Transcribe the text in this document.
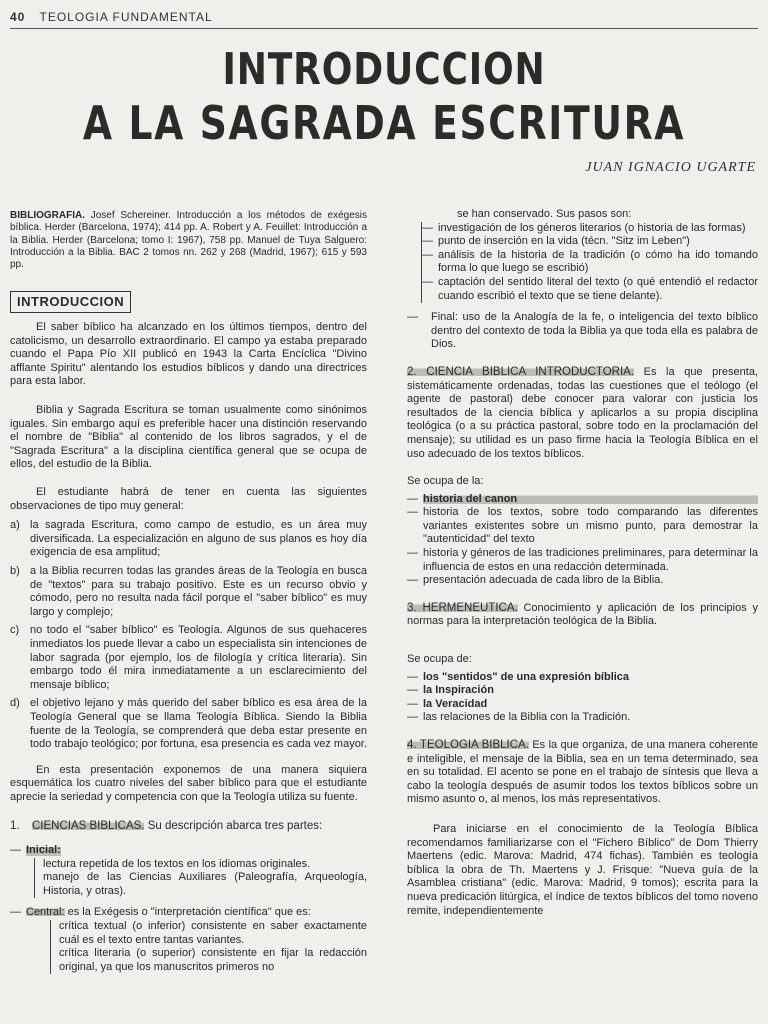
40 TEOLOGIA FUNDAMENTAL
INTRODUCCION
A LA SAGRADA ESCRITURA
JUAN IGNACIO UGARTE

BIBLIOGRAFIA. Josef Schereiner. Introducción a los métodos de exégesis bíblica. Herder (Barcelona, 1974); 414 pp. A. Robert y A. Feuillet: Introducción a la Biblia. Herder (Barcelona; tomo I: 1967), 758 pp. Manuel de Tuya Salguero: Introducción a la Biblia. BAC 2 tomos nn. 262 y 268 (Madrid, 1967); 615 y 593 pp.

INTRODUCCION

El saber bíblico ha alcanzado en los últimos tiempos, dentro del catolicismo, un desarrollo extraordinario. El campo ya estaba preparado cuando el Papa Pío XII publicó en 1943 la Carta Encíclica "Divino afflante Spiritu" alentando los estudios bíblicos y dando una directrices para esta labor.

Biblia y Sagrada Escritura se toman usualmente como sinónimos iguales. Sin embargo aquí es preferible hacer una distinción reservando el nombre de "Biblia" al contenido de los libros sagrados, y el de "Sagrada Escritura" a la disciplina científica general que se ocupa de ellos, del estudio de la Biblia.

El estudiante habrá de tener en cuenta las siguientes observaciones de tipo muy general:

a) la sagrada Escritura, como campo de estudio, es un área muy diversificada. La especialización en alguno de sus planos es hoy día exigencia de esa amplitud;
b) a la Biblia recurren todas las grandes áreas de la Teología en busca de "textos" para su trabajo positivo. Este es un recurso obvio y cómodo, pero no resulta nada fácil porque el "saber bíblico" es muy largo y complejo;
c) no todo el "saber bíblico" es Teología. Algunos de sus quehaceres inmediatos los puede llevar a cabo un especialista sin intenciones de labor sagrada (por ejemplo, los de filología y crítica literaria). Sin embargo todo él mira inmediatamente a un esclarecimiento del mensaje bíblico;
d) el objetivo lejano y más querido del saber bíblico es esa área de la Teología General que se llama Teología Bíblica. Siendo la Biblia fuente de la Teología, se comprenderá que deba estar presente en todo trabajo teológico; por fortuna, esa presencia es cada vez mayor.

En esta presentación exponemos de una manera siquiera esquemática los cuatro niveles del saber bíblico para que el estudiante aprecie la seriedad y competencia con que la Teología utiliza su fuente.

1.	CIENCIAS BIBLICAS. Su descripción abarca tres partes:
— Inicial:

lectura repetida de los textos en los idiomas originales.

manejo de las Ciencias Auxiliares (Paleografía, Arqueología, Historia, y otras).

— Central: es la Exégesis o "interpretación científica" que es:

crítica textual (o inferior) consistente en saber exactamente cuál es el texto entre tantas variantes.

crítica literaria (o superior) consistente en fijar la redacción original, ya que los manuscritos primeros no

se han conservado. Sus pasos son:

— investigación de los géneros literarios (o historia de las formas)
— punto de inserción en la vida (técn. "Sitz im Leben")
— análisis de la historia de la tradición (o cómo ha ido tomando forma lo que luego se escribió)
— captación del sentido literal del texto (o qué entendió el redactor cuando escribió el texto que se tiene delante).
—	Final: uso de la Analogía de la fe, o inteligencia del texto bíblico dentro del contexto de toda la Biblia ya que toda ella es palabra de Dios.

2. CIENCIA BIBLICA INTRODUCTORIA. Es la que presenta, sistemáticamente ordenadas, todas las cuestiones que el teólogo (el agente de pastoral) debe conocer para valorar con justicia los resultados de la ciencia bíblica y aplicarlos a su propia disciplina teológica (o a su práctica pastoral, sobre todo en la proclamación del mensaje); su utilidad es un paso firme hacia la Teología Bíblica en el uso adecuado de los textos bíblicos.

Se ocupa de la:

— historia del canon
— historia de los textos, sobre todo comparando las diferentes variantes existentes sobre un mismo punto, para demostrar la "autenticidad" del texto
— historia y géneros de las tradiciones preliminares, para determinar la influencia de estos en una redacción determinada.
— presentación adecuada de cada libro de la Biblia.

3. HERMENEUTICA. Conocimiento y aplicación de los principios y normas para la interpretación teológica de la Biblia.

Se ocupa de:

— los "sentidos" de una expresión bíblica
— la Inspiración
— la Veracidad
— las relaciones de la Biblia con la Tradición.

4. TEOLOGIA BIBLICA. Es la que organiza, de una manera coherente e inteligible, el mensaje de la Biblia, sea en un tema determinado, sea en su totalidad. El acento se pone en el trabajo de síntesis que lleva a cabo la teología después de asumir todos los textos bíblicos sobre un mismo asunto o, al menos, los más representativos.

Para iniciarse en el conocimiento de la Teología Bíblica recomendamos familiarizarse con el "Fichero Bíblico" de Dom Thierry Maertens (edic. Marova: Madrid, 474 fichas). También es teología bíblica la obra de Th. Maertens y J. Frisque: "Nueva guía de la Asamblea cristiana" (edic. Marova: Madrid, 9 tomos); escrita para la nueva predicación litúrgica, el índice de textos bíblicos del tomo noveno remite, independientemente
